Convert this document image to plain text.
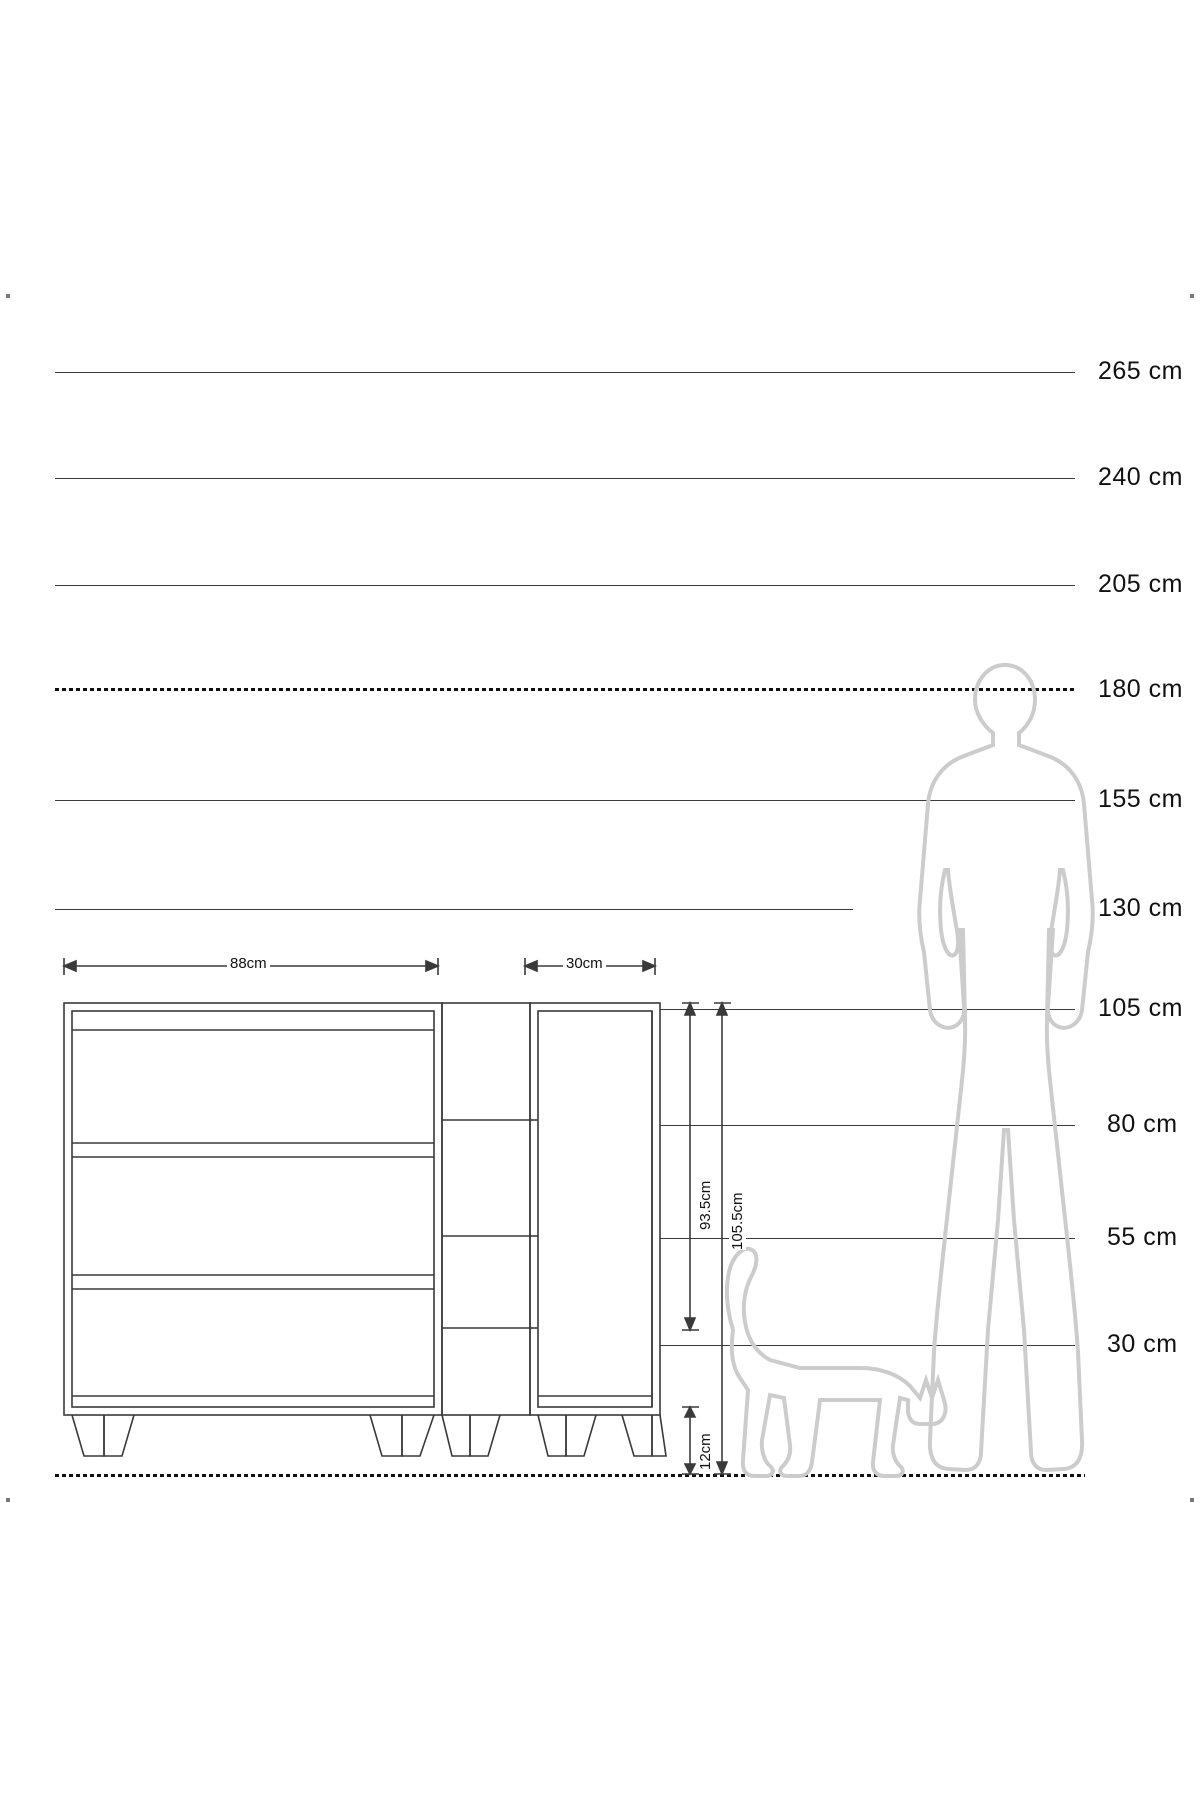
265 cm
240 cm
205 cm
180 cm
155 cm
130 cm
105 cm
80 cm
55 cm
30 cm
88cm	30cm
93.5cm 105.5cm
12cm
